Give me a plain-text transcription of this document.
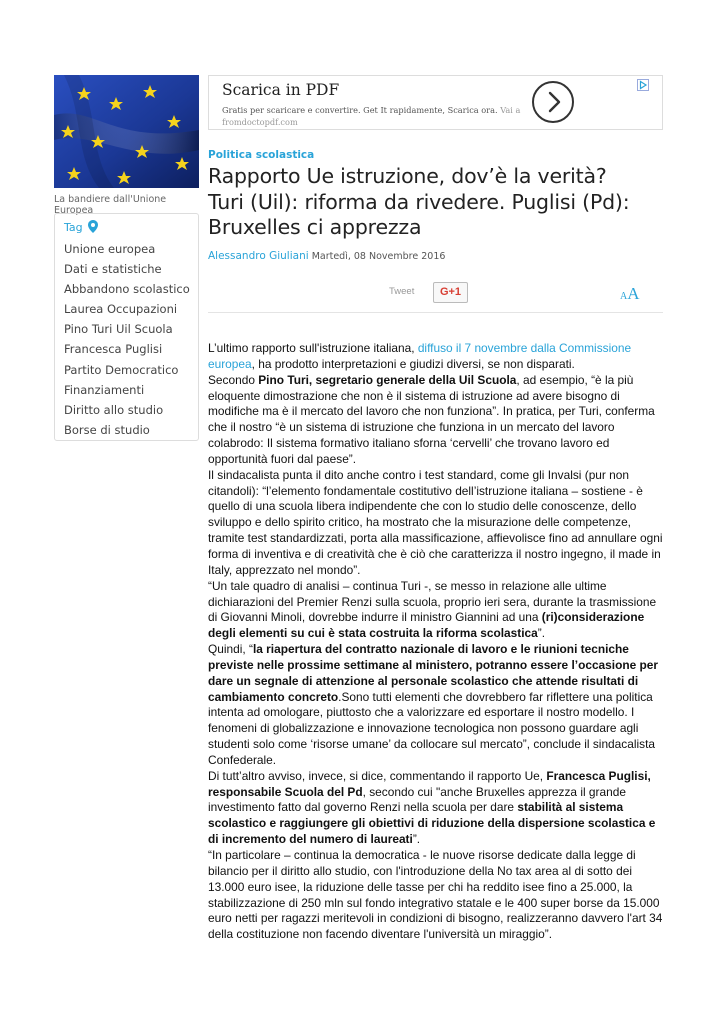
La bandiere dall'Unione Europea
Tag
Unione europea
Dati e statistiche
Abbandono scolastico
Laurea Occupazioni
Pino Turi Uil Scuola
Francesca Puglisi
Partito Democratico
Finanziamenti
Diritto allo studio
Borse di studio
Scarica in PDF
Gratis per scaricare e convertire. Get It rapidamente, Scarica ora. Vai a fromdoctopdf.com
Politica scolastica
Rapporto Ue istruzione, dov’è la verità? Turi (Uil): riforma da rivedere. Puglisi (Pd): Bruxelles ci apprezza
Alessandro Giuliani Martedì, 08 Novembre 2016
Tweet	G+1	AA
L’ultimo rapporto sull'istruzione italiana, diffuso il 7 novembre dalla Commissione europea, ha prodotto interpretazioni e giudizi diversi, se non disparati.
Secondo Pino Turi, segretario generale della Uil Scuola, ad esempio, “è la più eloquente dimostrazione che non è il sistema di istruzione ad avere bisogno di modifiche ma è il mercato del lavoro che non funziona”. In pratica, per Turi, conferma che il nostro “è un sistema di istruzione che funziona in un mercato del lavoro colabrodo: Il sistema formativo italiano sforna ‘cervelli’ che trovano lavoro ed opportunità fuori dal paese”.
Il sindacalista punta il dito anche contro i test standard, come gli Invalsi (pur non citandoli): “l’elemento fondamentale costitutivo dell’istruzione italiana – sostiene - è quello di una scuola libera indipendente che con lo studio delle conoscenze, dello sviluppo e dello spirito critico, ha mostrato che la misurazione delle competenze, tramite test standardizzati, porta alla massificazione, affievolisce fino ad annullare ogni forma di inventiva e di creatività che è ciò che caratterizza il nostro ingegno, il made in Italy, apprezzato nel mondo”.
“Un tale quadro di analisi – continua Turi -, se messo in relazione alle ultime dichiarazioni del Premier Renzi sulla scuola, proprio ieri sera, durante la trasmissione di Giovanni Minoli, dovrebbe indurre il ministro Giannini ad una (ri)considerazione degli elementi su cui è stata costruita la riforma scolastica”.
Quindi, “la riapertura del contratto nazionale di lavoro e le riunioni tecniche previste nelle prossime settimane al ministero, potranno essere l’occasione per dare un segnale di attenzione al personale scolastico che attende risultati di cambiamento concreto.Sono tutti elementi che dovrebbero far riflettere una politica intenta ad omologare, piuttosto che a valorizzare ed esportare il nostro modello. I fenomeni di globalizzazione e innovazione tecnologica non possono guardare agli studenti solo come ‘risorse umane’ da collocare sul mercato”, conclude il sindacalista Confederale.
Di tutt’altro avviso, invece, si dice, commentando il rapporto Ue, Francesca Puglisi, responsabile Scuola del Pd, secondo cui "anche Bruxelles apprezza il grande investimento fatto dal governo Renzi nella scuola per dare stabilità al sistema scolastico e raggiungere gli obiettivi di riduzione della dispersione scolastica e di incremento del numero di laureati”.
“In particolare – continua la democratica - le nuove risorse dedicate dalla legge di bilancio per il diritto allo studio, con l'introduzione della No tax area al di sotto dei 13.000 euro isee, la riduzione delle tasse per chi ha reddito isee fino a 25.000, la stabilizzazione di 250 mln sul fondo integrativo statale e le 400 super borse da 15.000 euro netti per ragazzi meritevoli in condizioni di bisogno, realizzeranno davvero l'art 34 della costituzione non facendo diventare l'università un miraggio”.
